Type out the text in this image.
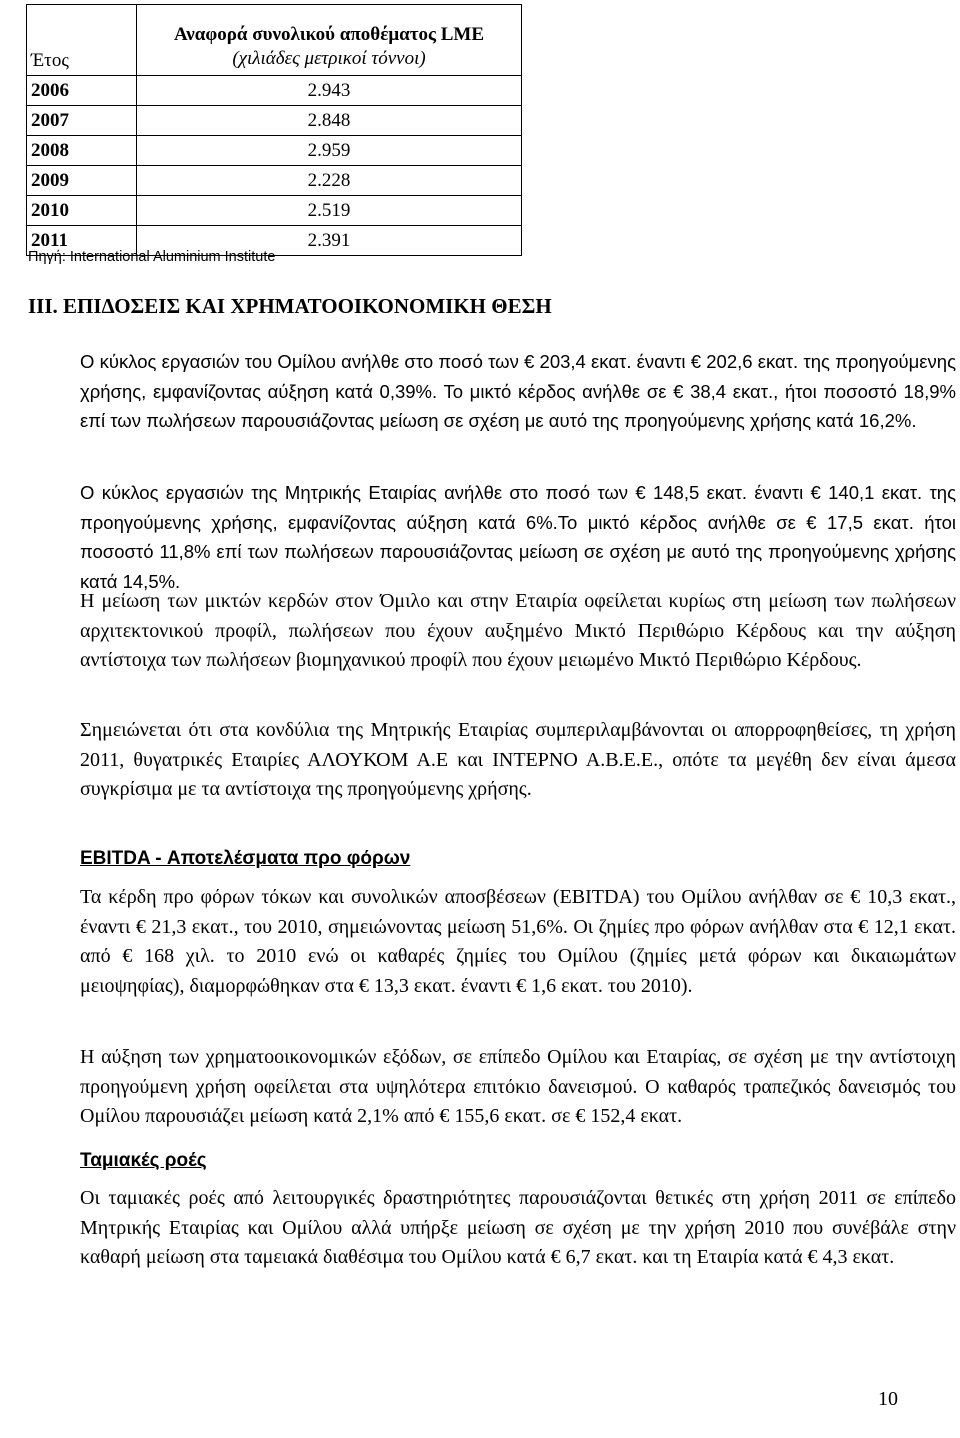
Έτος	Αναφορά συνολικού αποθέματος LME
(χιλιάδες μετρικοί τόννοι)

2006	2.943
2007	2.848
2008	2.959
2009	2.228
2010	2.519
2011	2.391
Πηγή: International Aluminium Institute
ΙΙΙ. ΕΠΙΔΟΣΕΙΣ ΚΑΙ ΧΡΗΜΑΤΟΟΙΚΟΝΟΜΙΚΗ ΘΕΣΗ

Ο κύκλος εργασιών του Ομίλου ανήλθε στο ποσό των € 203,4 εκατ. έναντι € 202,6 εκατ. της προηγούμενης χρήσης, εμφανίζοντας αύξηση κατά 0,39%. Το μικτό κέρδος ανήλθε σε € 38,4 εκατ., ήτοι ποσοστό 18,9% επί των πωλήσεων παρουσιάζοντας μείωση σε σχέση με αυτό της προηγούμενης χρήσης κατά 16,2%.

Ο κύκλος εργασιών της Μητρικής Εταιρίας ανήλθε στο ποσό των € 148,5 εκατ. έναντι € 140,1 εκατ. της προηγούμενης χρήσης, εμφανίζοντας αύξηση κατά 6%.Το μικτό κέρδος ανήλθε σε € 17,5 εκατ. ήτοι ποσοστό 11,8% επί των πωλήσεων παρουσιάζοντας μείωση σε σχέση με αυτό της προηγούμενης χρήσης κατά 14,5%.

Η μείωση των μικτών κερδών στον Όμιλο και στην Εταιρία οφείλεται κυρίως στη μείωση των πωλήσεων αρχιτεκτονικού προφίλ, πωλήσεων που έχουν αυξημένο Μικτό Περιθώριο Κέρδους και την αύξηση αντίστοιχα των πωλήσεων βιομηχανικού προφίλ που έχουν μειωμένο Μικτό Περιθώριο Κέρδους.

Σημειώνεται ότι στα κονδύλια της Μητρικής Εταιρίας συμπεριλαμβάνονται οι απορροφηθείσες, τη χρήση 2011, θυγατρικές Εταιρίες ΑΛΟΥΚΟΜ Α.Ε και ΙΝΤΕΡΝΟ Α.Β.Ε.Ε., οπότε τα μεγέθη δεν είναι άμεσα συγκρίσιμα με τα αντίστοιχα της προηγούμενης χρήσης.

EBITDA - Αποτελέσματα προ φόρων

Τα κέρδη προ φόρων τόκων και συνολικών αποσβέσεων (EBITDA) του Ομίλου ανήλθαν σε € 10,3 εκατ., έναντι € 21,3 εκατ., του 2010, σημειώνοντας μείωση 51,6%. Οι ζημίες προ φόρων ανήλθαν στα € 12,1 εκατ. από € 168 χιλ. το 2010 ενώ οι καθαρές ζημίες του Ομίλου (ζημίες μετά φόρων και δικαιωμάτων μειοψηφίας), διαμορφώθηκαν στα € 13,3 εκατ. έναντι € 1,6 εκατ. του 2010).

Η αύξηση των χρηματοοικονομικών εξόδων, σε επίπεδο Ομίλου και Εταιρίας, σε σχέση με την αντίστοιχη προηγούμενη χρήση οφείλεται στα υψηλότερα επιτόκιο δανεισμού. Ο καθαρός τραπεζικός δανεισμός του Ομίλου παρουσιάζει μείωση κατά 2,1% από € 155,6 εκατ. σε € 152,4 εκατ.

Ταμιακές ροές

Οι ταμιακές ροές από λειτουργικές δραστηριότητες παρουσιάζονται θετικές στη χρήση 2011 σε επίπεδο Μητρικής Εταιρίας και Ομίλου αλλά υπήρξε μείωση σε σχέση με την χρήση 2010 που συνέβάλε στην καθαρή μείωση στα ταμειακά διαθέσιμα του Ομίλου κατά € 6,7 εκατ. και τη Εταιρία κατά € 4,3 εκατ.

10
